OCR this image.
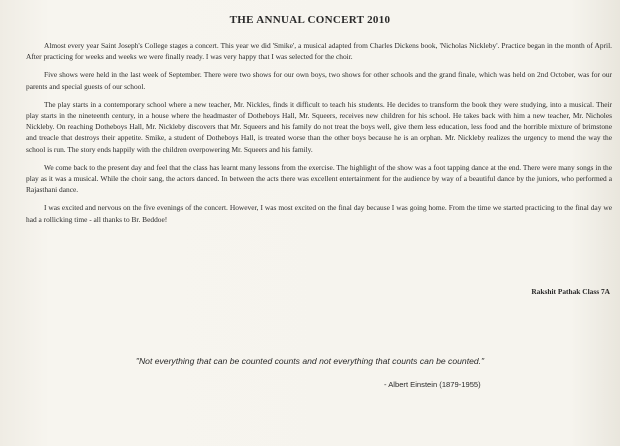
THE ANNUAL CONCERT 2010

Almost every year Saint Joseph's College stages a concert. This year we did 'Smike', a musical adapted from Charles Dickens book, 'Nicholas Nickleby'. Practice began in the month of April. After practicing for weeks and weeks we were finally ready. I was very happy that I was selected for the choir.

Five shows were held in the last week of September. There were two shows for our own boys, two shows for other schools and the grand finale, which was held on 2nd October, was for our parents and special guests of our school.

The play starts in a contemporary school where a new teacher, Mr. Nickles, finds it difficult to teach his students. He decides to transform the book they were studying, into a musical. Their play starts in the nineteenth century, in a house where the headmaster of Dotheboys Hall, Mr. Squeers, receives new children for his school. He takes back with him a new teacher, Mr. Nicholes Nickleby. On reaching Dotheboys Hall, Mr. Nickleby discovers that Mr. Squeers and his family do not treat the boys well, give them less education, less food and the horrible mixture of brimstone and treacle that destroys their appetite. Smike, a student of Dotheboys Hall, is treated worse than the other boys because he is an orphan. Mr. Nickleby realizes the urgency to mend the way the school is run. The story ends happily with the children overpowering Mr. Squeers and his family.

We come back to the present day and feel that the class has learnt many lessons from the exercise. The highlight of the show was a foot tapping dance at the end. There were many songs in the play as it was a musical. While the choir sang, the actors danced. In between the acts there was excellent entertainment for the audience by way of a beautiful dance by the juniors, who performed a Rajasthani dance.

I was excited and nervous on the five evenings of the concert. However, I was most excited on the final day because I was going home. From the time we started practicing to the final day we had a rollicking time - all thanks to Br. Beddoe!

Rakshit Pathak Class 7A
"Not everything that can be counted counts and not everything that counts can be counted."
- Albert Einstein (1879-1955)
